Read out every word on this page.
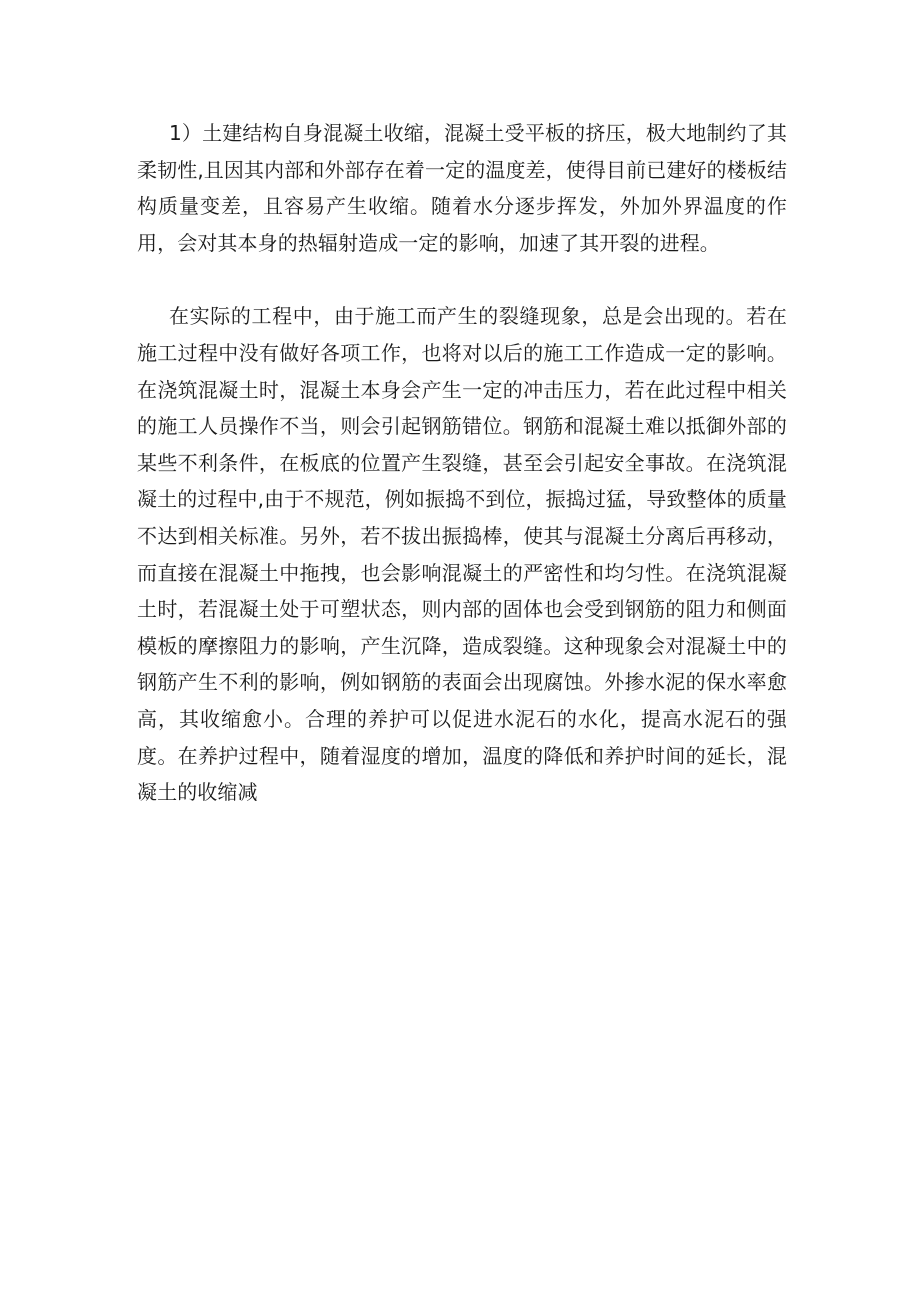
1）土建结构自身混凝土收缩，混凝土受平板的挤压，极大地制约了其柔韧性,且因其内部和外部存在着一定的温度差，使得目前已建好的楼板结构质量变差，且容易产生收缩。随着水分逐步挥发，外加外界温度的作用，会对其本身的热辐射造成一定的影响，加速了其开裂的进程。

在实际的工程中，由于施工而产生的裂缝现象，总是会出现的。若在施工过程中没有做好各项工作，也将对以后的施工工作造成一定的影响。在浇筑混凝土时，混凝土本身会产生一定的冲击压力，若在此过程中相关的施工人员操作不当，则会引起钢筋错位。钢筋和混凝土难以抵御外部的某些不利条件，在板底的位置产生裂缝，甚至会引起安全事故。在浇筑混凝土的过程中,由于不规范，例如振捣不到位，振捣过猛，导致整体的质量不达到相关标准。另外，若不拔出振捣棒，使其与混凝土分离后再移动，而直接在混凝土中拖拽，也会影响混凝土的严密性和均匀性。在浇筑混凝土时，若混凝土处于可塑状态，则内部的固体也会受到钢筋的阻力和侧面模板的摩擦阻力的影响，产生沉降，造成裂缝。这种现象会对混凝土中的钢筋产生不利的影响，例如钢筋的表面会出现腐蚀。外掺水泥的保水率愈高，其收缩愈小。合理的养护可以促进水泥石的水化，提高水泥石的强度。在养护过程中，随着湿度的增加，温度的降低和养护时间的延长，混凝土的收缩减
